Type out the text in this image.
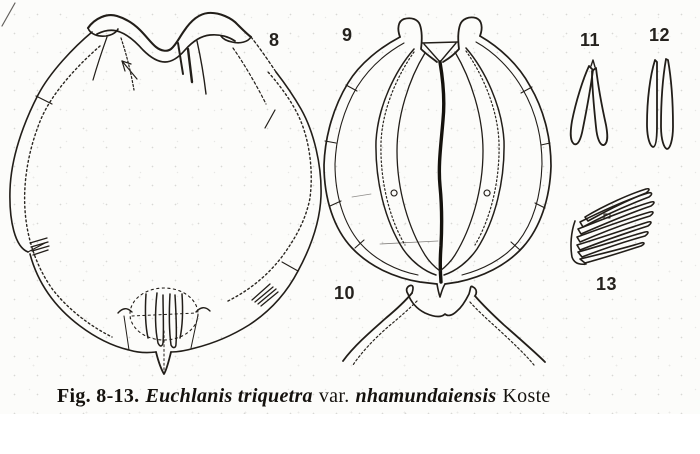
8	9
10
11	12
13
Fig. 8-13. Euchlanis triquetra var. nhamundaiensis Koste
